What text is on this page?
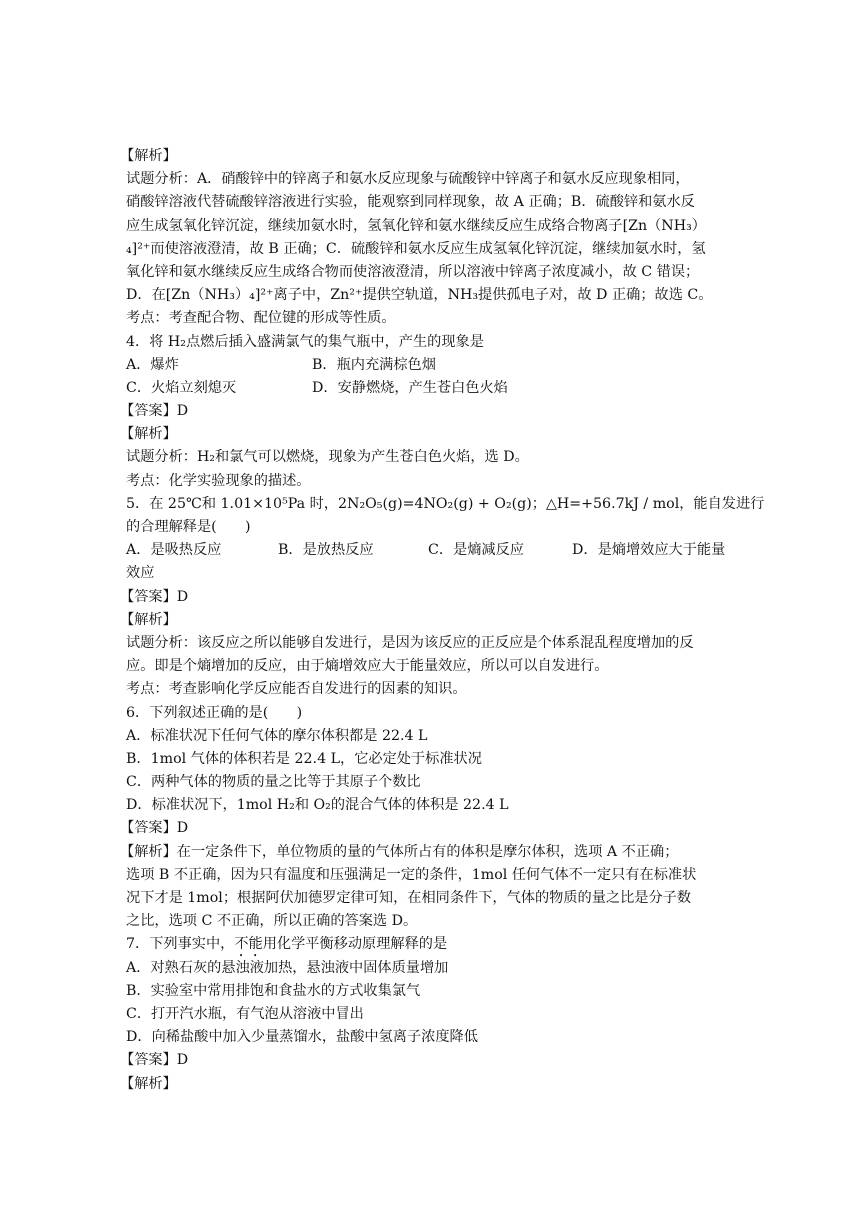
【解析】
试题分析：A．硝酸锌中的锌离子和氨水反应现象与硫酸锌中锌离子和氨水反应现象相同，
硝酸锌溶液代替硫酸锌溶液进行实验，能观察到同样现象，故 A 正确；B．硫酸锌和氨水反
应生成氢氧化锌沉淀，继续加氨水时，氢氧化锌和氨水继续反应生成络合物离子[Zn（NH₃）
₄]²⁺而使溶液澄清，故 B 正确；C．硫酸锌和氨水反应生成氢氧化锌沉淀，继续加氨水时，氢
氧化锌和氨水继续反应生成络合物而使溶液澄清，所以溶液中锌离子浓度减小，故 C 错误；
D．在[Zn（NH₃）₄]²⁺离子中，Zn²⁺提供空轨道，NH₃提供孤电子对，故 D 正确；故选 C。
考点：考查配合物、配位键的形成等性质。
4．将 H₂点燃后插入盛满氯气的集气瓶中，产生的现象是
A．爆炸	B．瓶内充满棕色烟
C．火焰立刻熄灭	D．安静燃烧，产生苍白色火焰
【答案】D
【解析】
试题分析：H₂和氯气可以燃烧，现象为产生苍白色火焰，选 D。
考点：化学实验现象的描述。
5．在 25℃和 1.01×10⁵Pa 时，2N₂O₅(g)=4NO₂(g) + O₂(g)；△H=+56.7kJ / mol，能自发进行
的合理解释是(　　)
A．是吸热反应	B．是放热反应	C．是熵减反应	D．是熵增效应大于能量
效应
【答案】D
【解析】
试题分析：该反应之所以能够自发进行，是因为该反应的正反应是个体系混乱程度增加的反
应。即是个熵增加的反应，由于熵增效应大于能量效应，所以可以自发进行。
考点：考查影响化学反应能否自发进行的因素的知识。
6．下列叙述正确的是(　　)
A．标准状况下任何气体的摩尔体积都是 22.4 L
B．1mol 气体的体积若是 22.4 L，它必定处于标准状况
C．两种气体的物质的量之比等于其原子个数比
D．标准状况下，1mol H₂和 O₂的混合气体的体积是 22.4 L
【答案】D
【解析】在一定条件下，单位物质的量的气体所占有的体积是摩尔体积，选项 A 不正确；
选项 B 不正确，因为只有温度和压强满足一定的条件，1mol 任何气体不一定只有在标准状
况下才是 1mol；根据阿伏加德罗定律可知，在相同条件下，气体的物质的量之比是分子数
之比，选项 C 不正确，所以正确的答案选 D。
7．下列事实中，不能用化学平衡移动原理解释的是
A．对熟石灰的悬浊液加热，悬浊液中固体质量增加
B．实验室中常用排饱和食盐水的方式收集氯气
C．打开汽水瓶，有气泡从溶液中冒出
D．向稀盐酸中加入少量蒸馏水，盐酸中氢离子浓度降低
【答案】D
【解析】
